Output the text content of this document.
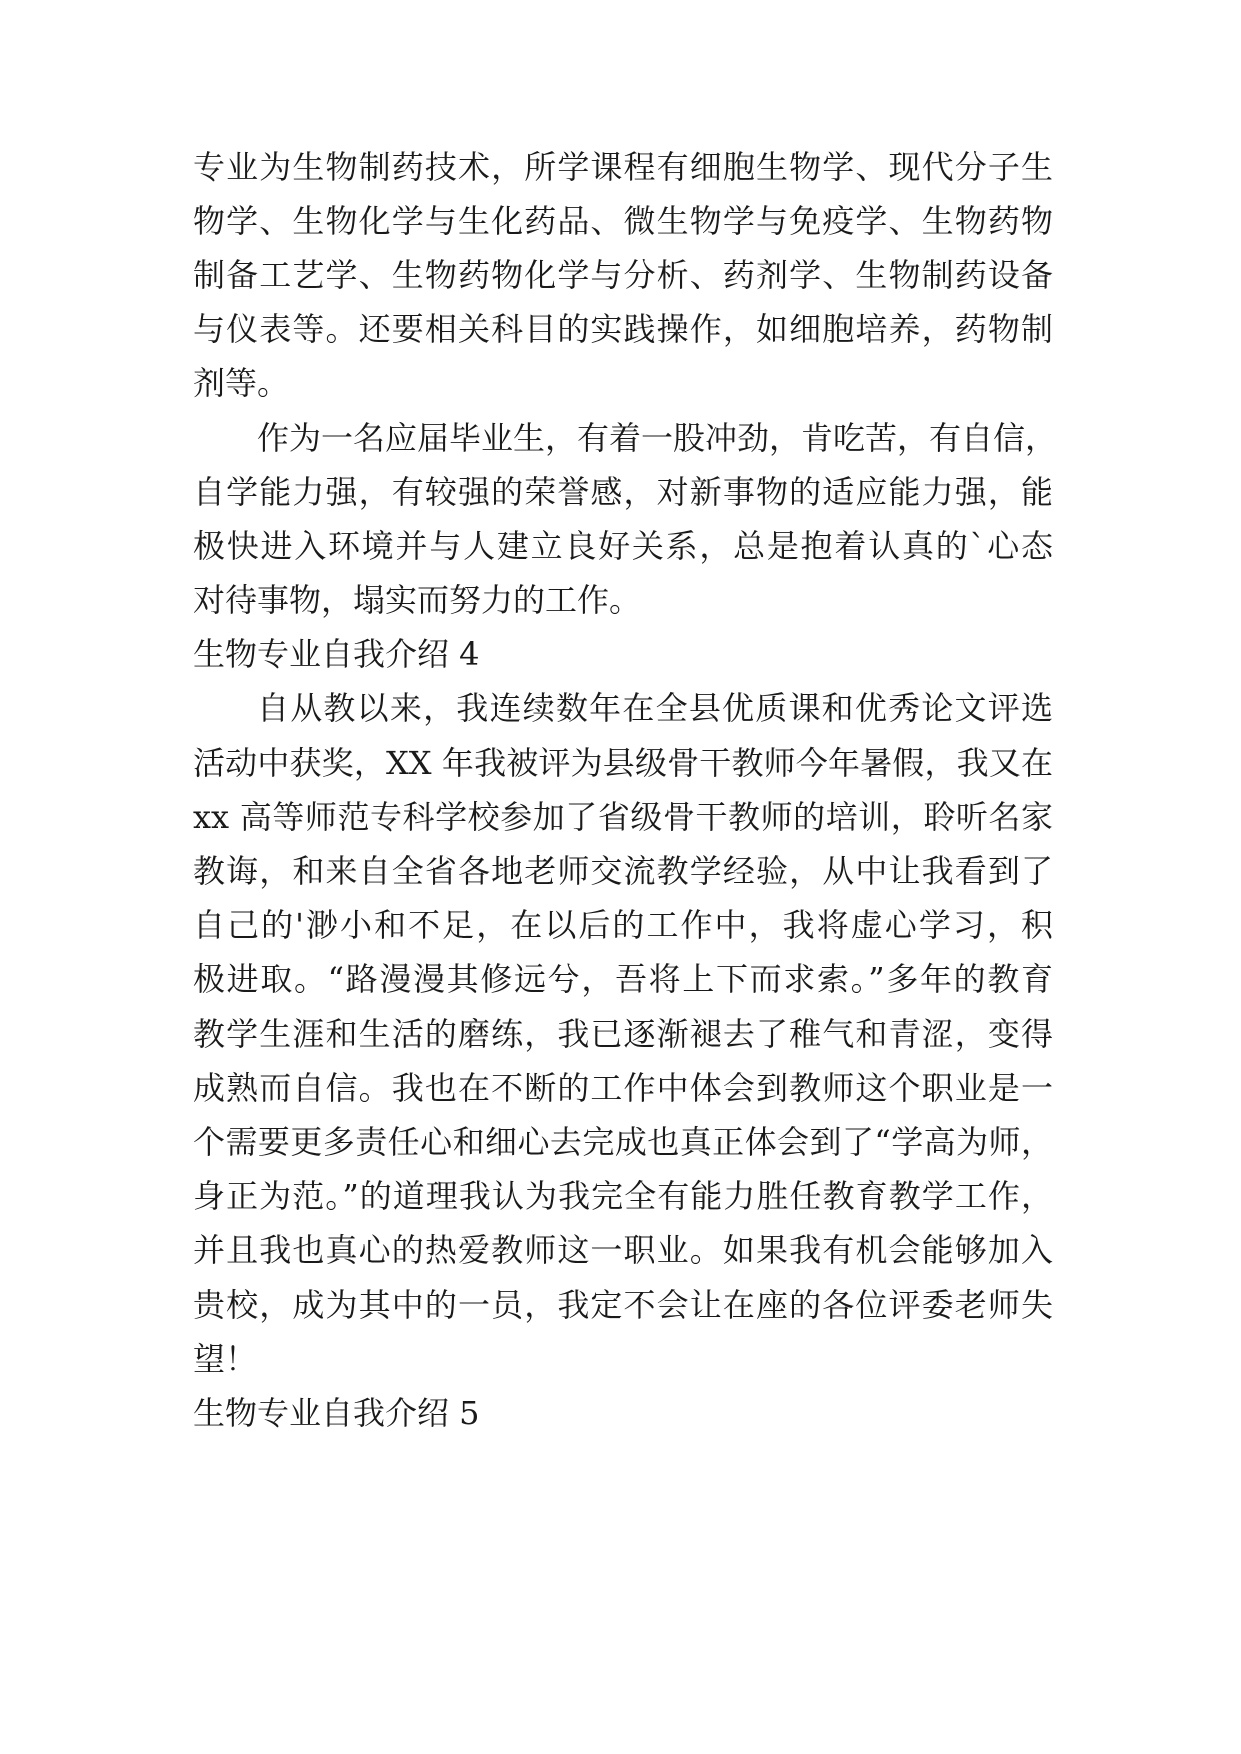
专业为生物制药技术，所学课程有细胞生物学、现代分子生
物学、生物化学与生化药品、微生物学与免疫学、生物药物
制备工艺学、生物药物化学与分析、药剂学、生物制药设备
与仪表等。还要相关科目的实践操作，如细胞培养，药物制
剂等。
作为一名应届毕业生，有着一股冲劲，肯吃苦，有自信，
自学能力强，有较强的荣誉感，对新事物的适应能力强，能
极快进入环境并与人建立良好关系，总是抱着认真的`心态
对待事物，塌实而努力的工作。
生物专业自我介绍 4
自从教以来，我连续数年在全县优质课和优秀论文评选
活动中获奖，XX 年我被评为县级骨干教师今年暑假，我又在
xx 高等师范专科学校参加了省级骨干教师的培训，聆听名家
教诲，和来自全省各地老师交流教学经验，从中让我看到了
自己的'渺小和不足，在以后的工作中，我将虚心学习，积
极进取。“路漫漫其修远兮，吾将上下而求索。”多年的教育
教学生涯和生活的磨练，我已逐渐褪去了稚气和青涩，变得
成熟而自信。我也在不断的工作中体会到教师这个职业是一
个需要更多责任心和细心去完成也真正体会到了“学高为师，
身正为范。”的道理我认为我完全有能力胜任教育教学工作，
并且我也真心的热爱教师这一职业。如果我有机会能够加入
贵校，成为其中的一员，我定不会让在座的各位评委老师失
望！
生物专业自我介绍 5
